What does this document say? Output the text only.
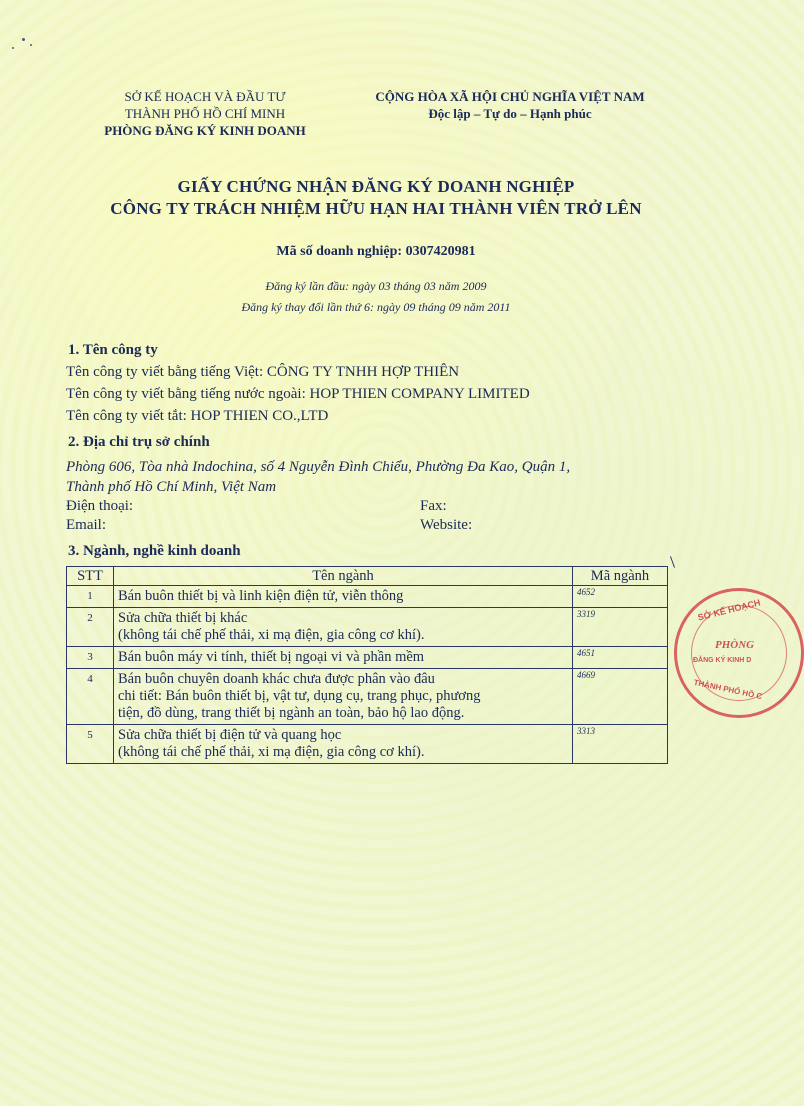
SỞ KẾ HOẠCH VÀ ĐẦU TƯ
THÀNH PHỐ HỒ CHÍ MINH
PHÒNG ĐĂNG KÝ KINH DOANH
CỘNG HÒA XÃ HỘI CHỦ NGHĨA VIỆT NAM
Độc lập – Tự do – Hạnh phúc
GIẤY CHỨNG NHẬN ĐĂNG KÝ DOANH NGHIỆP
CÔNG TY TRÁCH NHIỆM HỮU HẠN HAI THÀNH VIÊN TRỞ LÊN
Mã số doanh nghiệp: 0307420981
Đăng ký lần đầu: ngày 03 tháng 03 năm 2009
Đăng ký thay đổi lần thứ 6: ngày 09 tháng 09 năm 2011
1. Tên công ty
Tên công ty viết bằng tiếng Việt: CÔNG TY TNHH HỢP THIÊN
Tên công ty viết bằng tiếng nước ngoài: HOP THIEN COMPANY LIMITED
Tên công ty viết tắt: HOP THIEN CO.,LTD
2. Địa chỉ trụ sở chính
Phòng 606, Tòa nhà Indochina, số 4 Nguyễn Đình Chiểu, Phường Đa Kao, Quận 1,
Thành phố Hồ Chí Minh, Việt Nam
Điện thoại:	Fax:
Email:	Website:
3. Ngành, nghề kinh doanh
STT	Tên ngành	Mã ngành
1	Bán buôn thiết bị và linh kiện điện tử, viễn thông	4652
2	Sửa chữa thiết bị khác
(không tái chế phế thải, xi mạ điện, gia công cơ khí).	3319
3	Bán buôn máy vi tính, thiết bị ngoại vi và phần mềm	4651
4	Bán buôn chuyên doanh khác chưa được phân vào đâu
chi tiết: Bán buôn thiết bị, vật tư, dụng cụ, trang phục, phương
tiện, đồ dùng, trang thiết bị ngành an toàn, bảo hộ lao động.	4669
5	Sửa chữa thiết bị điện tử và quang học
(không tái chế phế thải, xi mạ điện, gia công cơ khí).	3313
SỞ KẾ HOẠCH
PHÒNG
ĐĂNG KÝ KINH D
THÀNH PHỐ HỒ C
